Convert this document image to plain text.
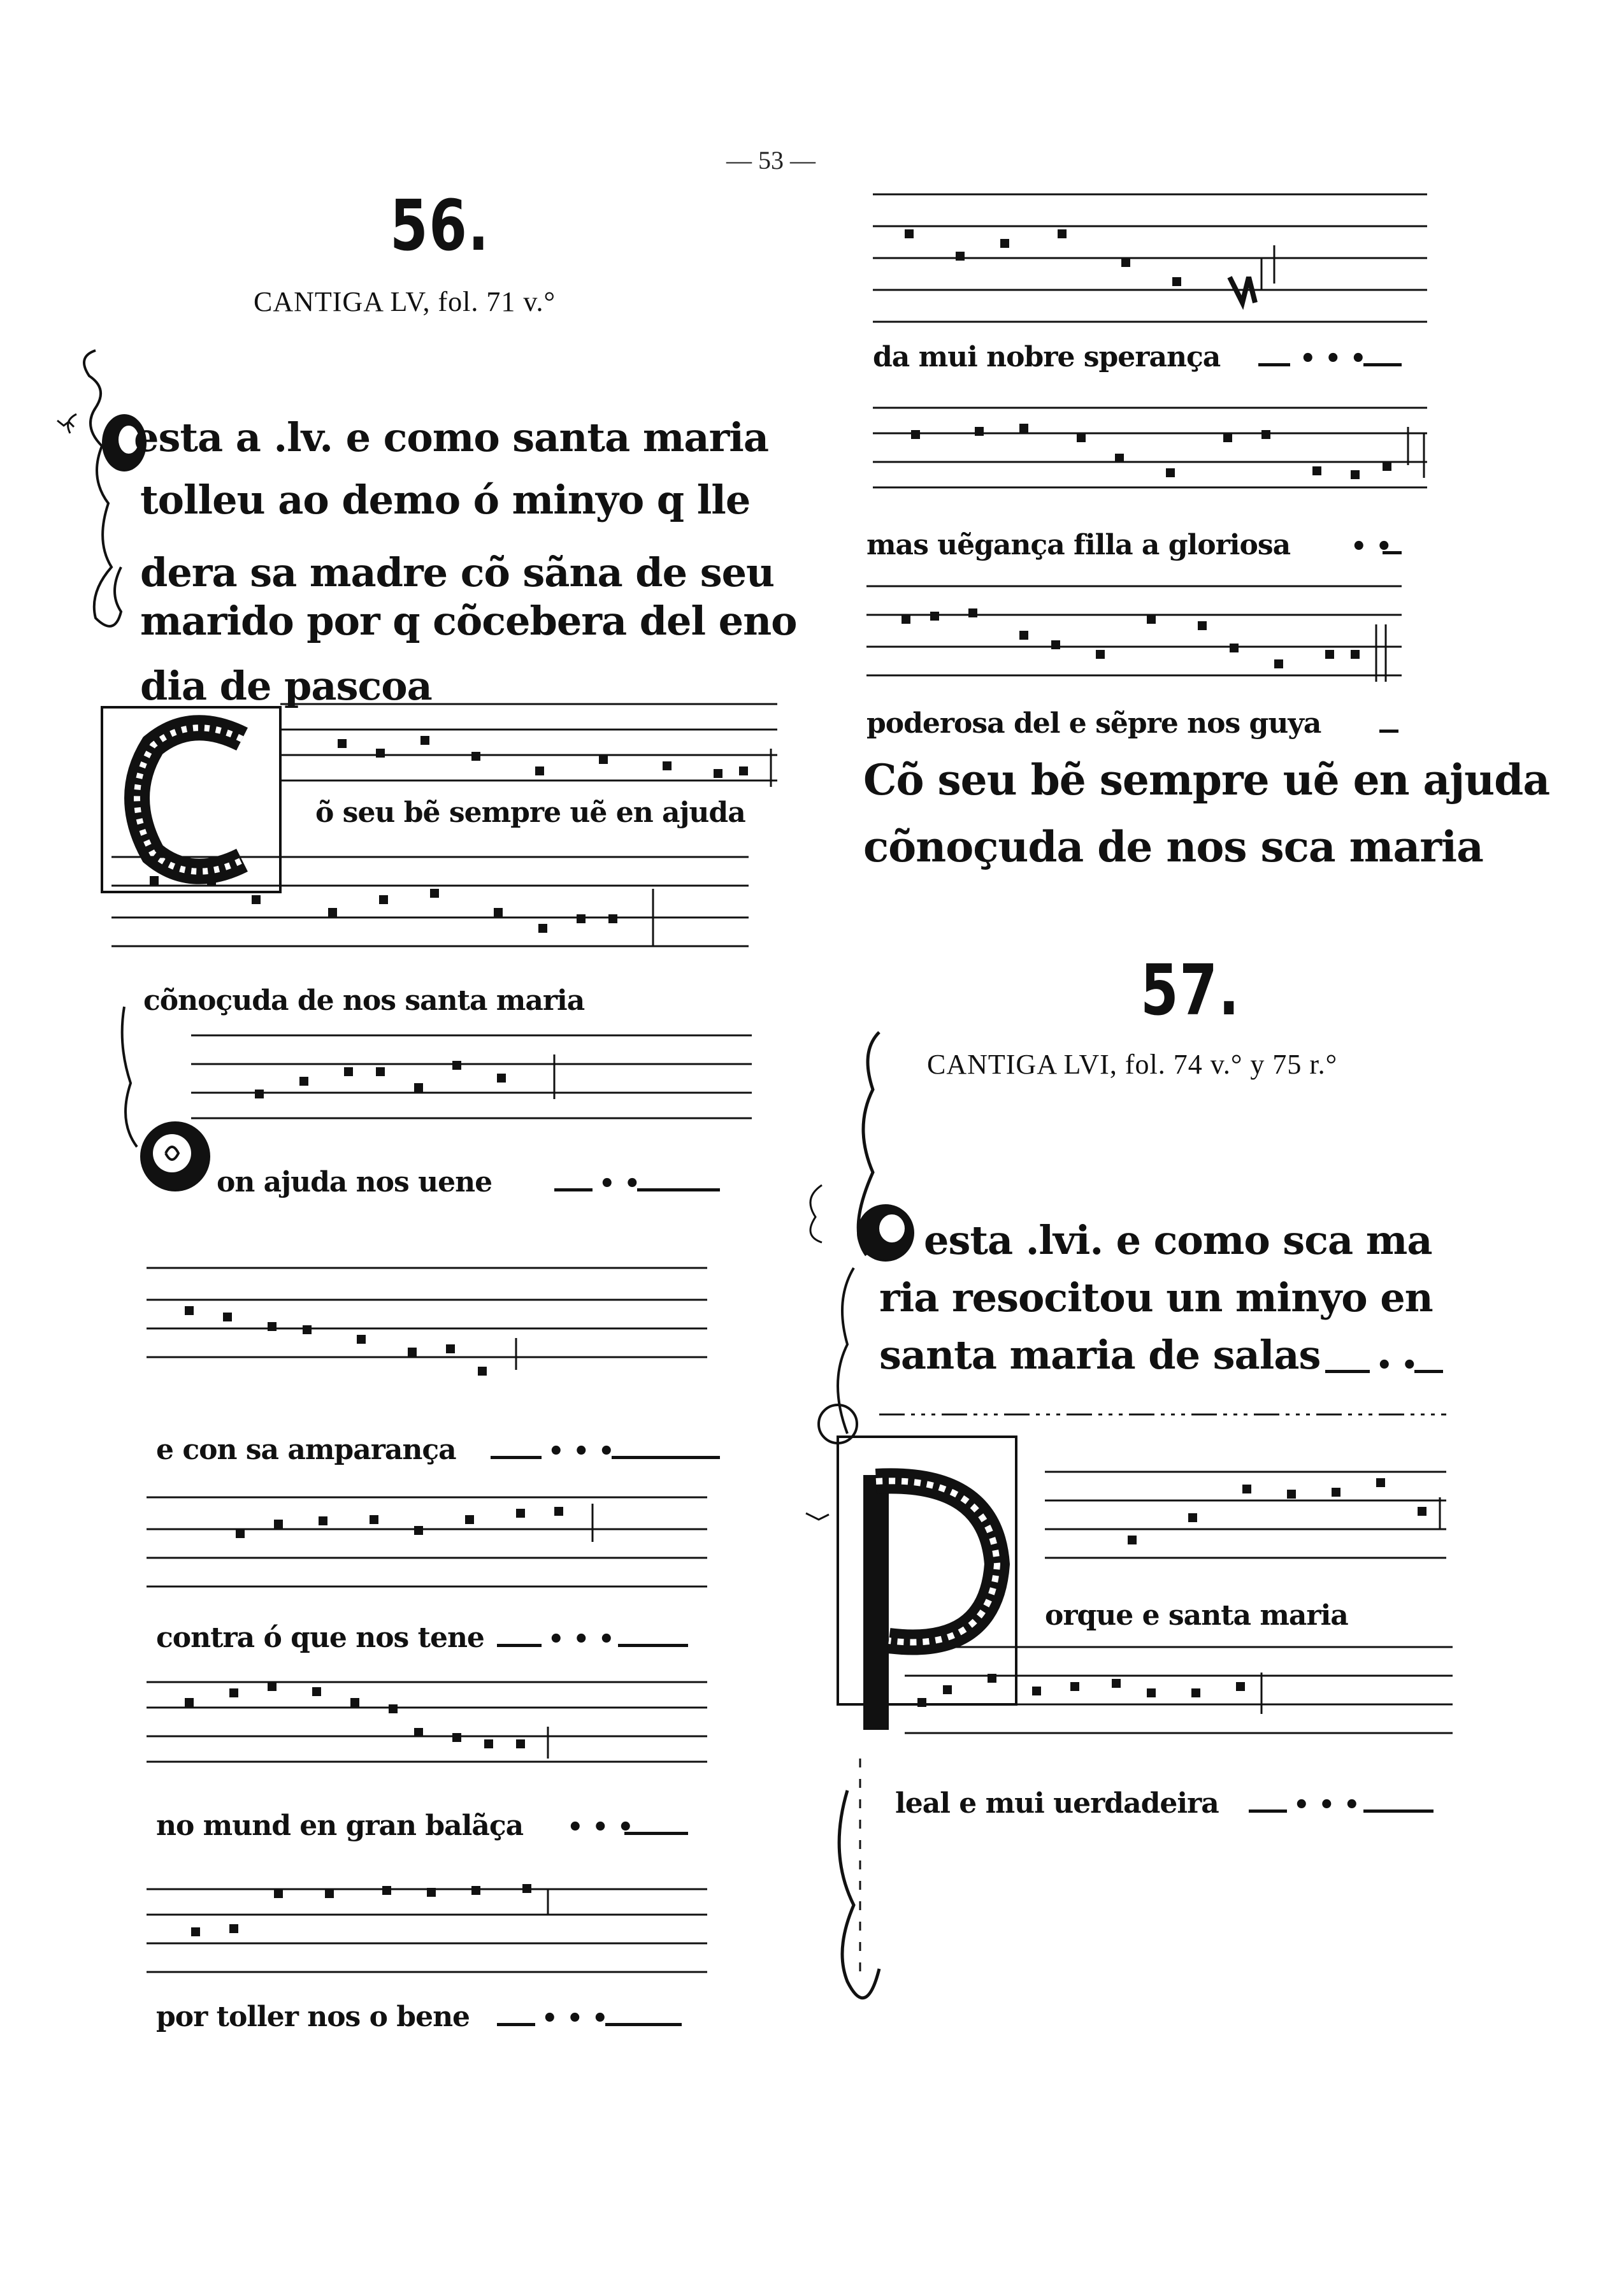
— 53 —
56.
CANTIGA LV, fol. 71 v.°
esta a .lv. e como santa maria
tolleu ao demo ó minyo q lle
dera sa madre cõ sãna de seu
marido por q cõcebera del eno
dia de pascoa
õ seu bẽ sempre uẽ en ajuda
cõnoçuda de nos santa maria
on ajuda nos uene	• •
e con sa amparança	• • •
contra ó que nos tene	• • •
no mund en gran balãça • • •
por toller nos o bene	• • •
da mui nobre sperança	• • •
mas uẽgança filla a gloriosa • •
poderosa del e sẽpre nos guya
Cõ seu bẽ sempre uẽ en ajuda
cõnoçuda de nos sca maria
57.
CANTIGA LVI, fol. 74 v.° y 75 r.°
esta .lvi. e como sca ma
ria resocitou un minyo en
santa maria de salas • •
orque e santa maria
leal e mui uerdadeira	• • •
